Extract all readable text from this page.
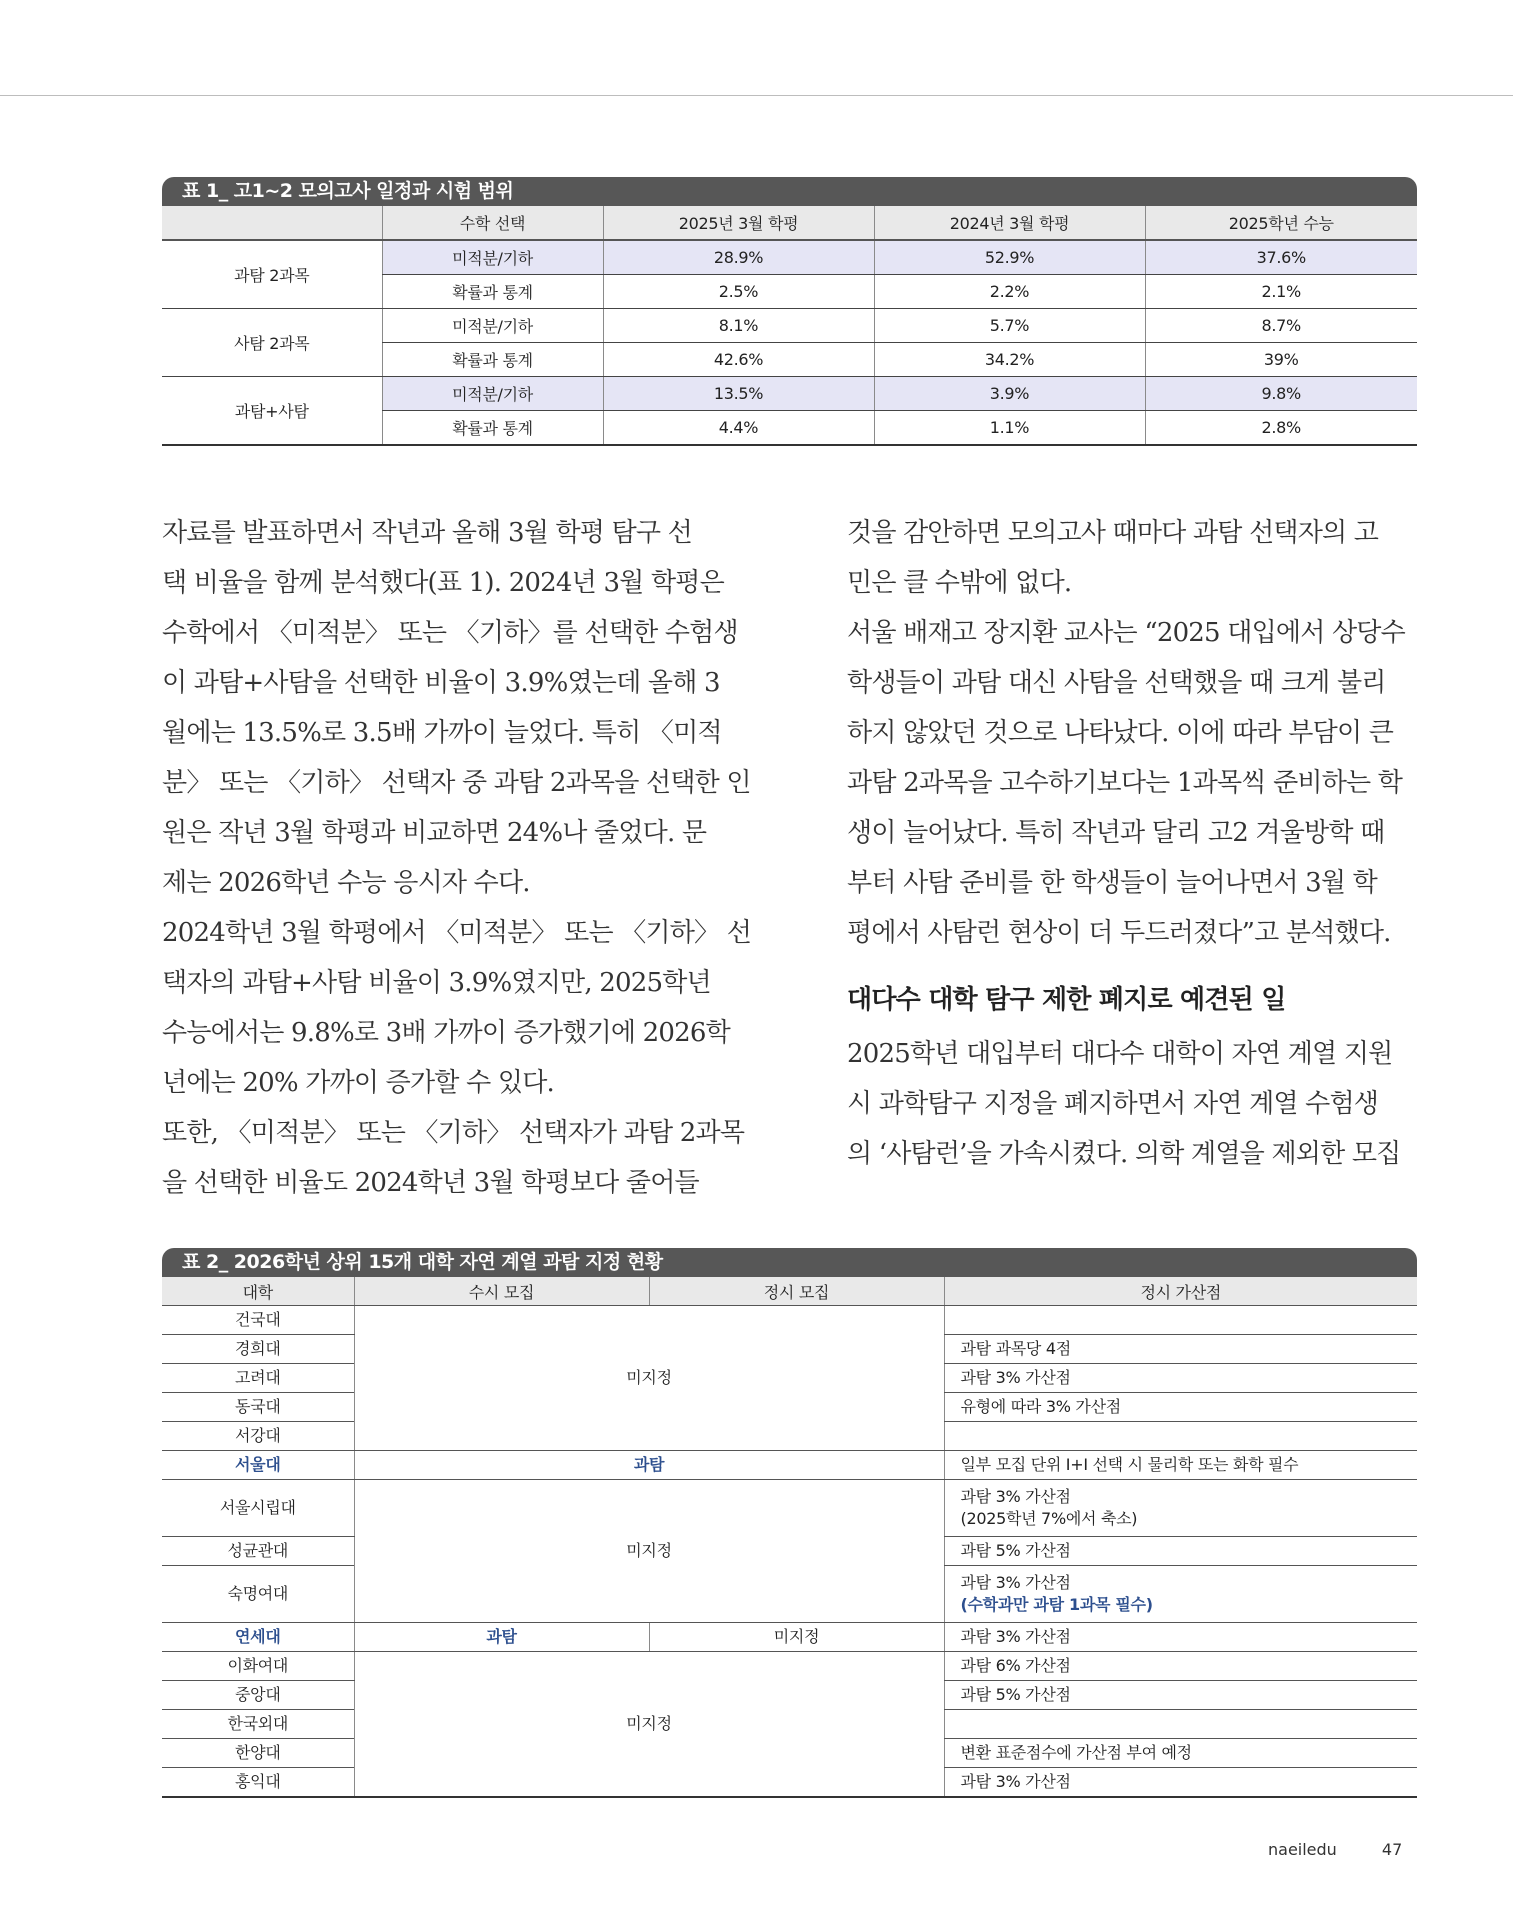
표 1_ 고1~2 모의고사 일정과 시험 범위
	수학 선택	2025년 3월 학평	2024년 3월 학평	2025학년 수능
과탐 2과목	미적분/기하	28.9%	52.9%	37.6%
	확률과 통계	2.5%	2.2%	2.1%
사탐 2과목	미적분/기하	8.1%	5.7%	8.7%
	확률과 통계	42.6%	34.2%	39%
과탐+사탐	미적분/기하	13.5%	3.9%	9.8%
	확률과 통계	4.4%	1.1%	2.8%

자료를 발표하면서 작년과 올해 3월 학평 탐구 선

택 비율을 함께 분석했다(표 1). 2024년 3월 학평은

수학에서 〈미적분〉 또는 〈기하〉를 선택한 수험생

이 과탐+사탐을 선택한 비율이 3.9%였는데 올해 3

월에는 13.5%로 3.5배 가까이 늘었다. 특히 〈미적

분〉 또는 〈기하〉 선택자 중 과탐 2과목을 선택한 인

원은 작년 3월 학평과 비교하면 24%나 줄었다. 문

제는 2026학년 수능 응시자 수다.

2024학년 3월 학평에서 〈미적분〉 또는 〈기하〉 선

택자의 과탐+사탐 비율이 3.9%였지만, 2025학년

수능에서는 9.8%로 3배 가까이 증가했기에 2026학

년에는 20% 가까이 증가할 수 있다.

또한, 〈미적분〉 또는 〈기하〉 선택자가 과탐 2과목

을 선택한 비율도 2024학년 3월 학평보다 줄어들

것을 감안하면 모의고사 때마다 과탐 선택자의 고

민은 클 수밖에 없다.

서울 배재고 장지환 교사는 “2025 대입에서 상당수

학생들이 과탐 대신 사탐을 선택했을 때 크게 불리

하지 않았던 것으로 나타났다. 이에 따라 부담이 큰

과탐 2과목을 고수하기보다는 1과목씩 준비하는 학

생이 늘어났다. 특히 작년과 달리 고2 겨울방학 때

부터 사탐 준비를 한 학생들이 늘어나면서 3월 학

평에서 사탐런 현상이 더 두드러졌다”고 분석했다.

대다수 대학 탐구 제한 폐지로 예견된 일

2025학년 대입부터 대다수 대학이 자연 계열 지원

시 과학탐구 지정을 폐지하면서 자연 계열 수험생

의 ‘사탐런’을 가속시켰다. 의학 계열을 제외한 모집

표 2_ 2026학년 상위 15개 대학 자연 계열 과탐 지정 현황
대학	수시 모집	정시 모집	정시 가산점
건국대	미지정		
경희대			과탐 과목당 4점
고려대			과탐 3% 가산점
동국대			유형에 따라 3% 가산점
서강대			
서울대	과탐		일부 모집 단위 Ⅰ+Ⅰ 선택 시 물리학 또는 화학 필수
서울시립대	미지정		과탐 3% 가산점
(2025학년 7%에서 축소)

성균관대			과탐 5% 가산점
숙명여대			과탐 3% 가산점
(수학과만 과탐 1과목 필수)

연세대	과탐	미지정	과탐 3% 가산점
이화여대	미지정		과탐 6% 가산점
중앙대			과탐 5% 가산점
한국외대			
한양대			변환 표준점수에 가산점 부여 예정
홍익대			과탐 3% 가산점
naeiledu	47
